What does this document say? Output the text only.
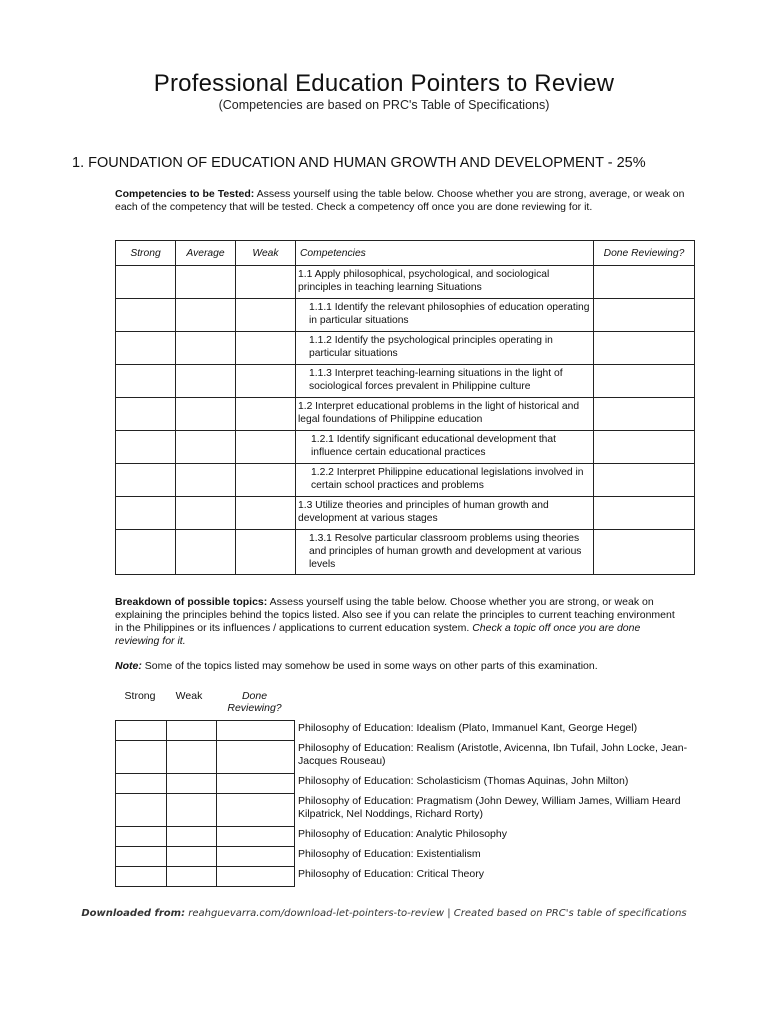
Professional Education Pointers to Review
(Competencies are based on PRC's Table of Specifications)
1. FOUNDATION OF EDUCATION AND HUMAN GROWTH AND DEVELOPMENT - 25%
Competencies to be Tested: Assess yourself using the table below. Choose whether you are strong, average, or weak on each of the competency that will be tested. Check a competency off once you are done reviewing for it.
Strong	Average	Weak	Competencies	Done Reviewing?
			1.1 Apply philosophical, psychological, and sociological principles in teaching learning Situations	
			1.1.1 Identify the relevant philosophies of education operating in particular situations	
			1.1.2 Identify the psychological principles operating in particular situations	
			1.1.3 Interpret teaching-learning situations in the light of sociological forces prevalent in Philippine culture	
			1.2 Interpret educational problems in the light of historical and legal foundations of Philippine education	
			1.2.1 Identify significant educational development that influence certain educational practices	
			1.2.2 Interpret Philippine educational legislations involved in certain school practices and problems	
			1.3 Utilize theories and principles of human growth and development at various stages	
			1.3.1 Resolve particular classroom problems using theories and principles of human growth and development at various levels	
Breakdown of possible topics: Assess yourself using the table below. Choose whether you are strong, or weak on explaining the principles behind the topics listed. Also see if you can relate the principles to current teaching environment in the Philippines or its influences / applications to current education system. Check a topic off once you are done reviewing for it.
Note: Some of the topics listed may somehow be used in some ways on other parts of this examination.
Strong	Weak	Done Reviewing?
			Philosophy of Education: Idealism (Plato, Immanuel Kant, George Hegel)
			Philosophy of Education: Realism (Aristotle, Avicenna, Ibn Tufail, John Locke, Jean-Jacques Rouseau)
			Philosophy of Education: Scholasticism (Thomas Aquinas, John Milton)
			Philosophy of Education: Pragmatism (John Dewey, William James, William Heard Kilpatrick, Nel Noddings, Richard Rorty)
			Philosophy of Education: Analytic Philosophy
			Philosophy of Education: Existentialism
			Philosophy of Education: Critical Theory
Downloaded from: reahguevarra.com/download-let-pointers-to-review | Created based on PRC's table of specifications
